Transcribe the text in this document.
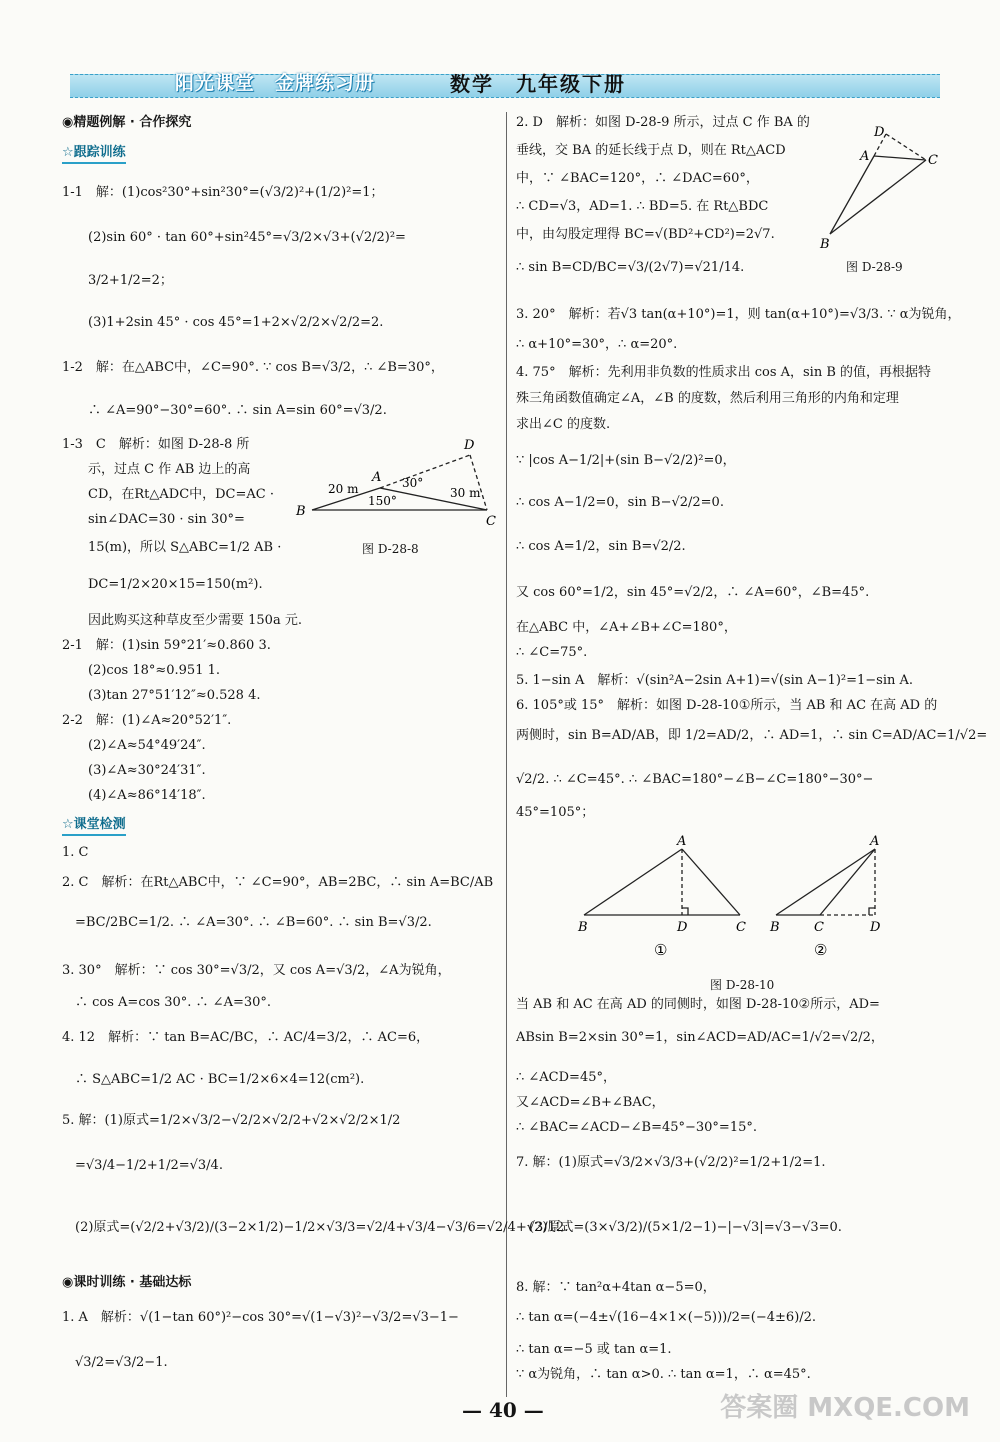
阳光课堂　金牌练习册	数学　九年级下册
◉精题例解 · 合作探究
☆跟踪训练
1-1　解：(1)cos²30°+sin²30°=(√3/2)²+(1/2)²=1；
　　(2)sin 60° · tan 60°+sin²45°=√3/2×√3+(√2/2)²=
　　3/2+1/2=2；
　　(3)1+2sin 45° · cos 45°=1+2×√2/2×√2/2=2.
1-2　解：在△ABC中，∠C=90°. ∵ cos B=√3/2，∴ ∠B=30°，
　　∴ ∠A=90°−30°=60°. ∴ sin A=sin 60°=√3/2.
1-3　C　解析：如图 D-28-8 所
　　示，过点 C 作 AB 边上的高
　　CD，在Rt△ADC中，DC=AC ·
　　sin∠DAC=30 · sin 30°=
　　15(m)，所以 S△ABC=1/2 AB ·
　　DC=1/2×20×15=150(m²).
　　因此购买这种草皮至少需要 150a 元.
2-1　解：(1)sin 59°21′≈0.860 3.
　　(2)cos 18°≈0.951 1.
　　(3)tan 27°51′12″≈0.528 4.
2-2　解：(1)∠A≈20°52′1″.
　　(2)∠A≈54°49′24″.
　　(3)∠A≈30°24′31″.
　　(4)∠A≈86°14′18″.
☆课堂检测
1. C
2. C　解析：在Rt△ABC中，∵ ∠C=90°，AB=2BC，∴ sin A=BC/AB
　=BC/2BC=1/2. ∴ ∠A=30°. ∴ ∠B=60°. ∴ sin B=√3/2.
3. 30°　解析：∵ cos 30°=√3/2，又 cos A=√3/2，∠A为锐角，
　∴ cos A=cos 30°. ∴ ∠A=30°.
4. 12　解析：∵ tan B=AC/BC，∴ AC/4=3/2，∴ AC=6，
　∴ S△ABC=1/2 AC · BC=1/2×6×4=12(cm²).
5. 解：(1)原式=1/2×√3/2−√2/2×√2/2+√2×√2/2×1/2
　=√3/4−1/2+1/2=√3/4.
　(2)原式=(√2/2+√3/2)/(3−2×1/2)−1/2×√3/3=√2/4+√3/4−√3/6=√2/4+√3/12.
◉课时训练 · 基础达标
1. A　解析：√(1−tan 60°)²−cos 30°=√(1−√3)²−√3/2=√3−1−
　√3/2=√3/2−1.
2. D　解析：如图 D-28-9 所示，过点 C 作 BA 的
垂线，交 BA 的延长线于点 D，则在 Rt△ACD
中，∵ ∠BAC=120°，∴ ∠DAC=60°，
∴ CD=√3，AD=1. ∴ BD=5. 在 Rt△BDC
中，由勾股定理得 BC=√(BD²+CD²)=2√7.
∴ sin B=CD/BC=√3/(2√7)=√21/14.
3. 20°　解析：若√3 tan(α+10°)=1，则 tan(α+10°)=√3/3. ∵ α为锐角，
∴ α+10°=30°，∴ α=20°.
4. 75°　解析：先利用非负数的性质求出 cos A，sin B 的值，再根据特
殊三角函数值确定∠A，∠B 的度数，然后利用三角形的内角和定理
求出∠C 的度数.
∵ |cos A−1/2|+(sin B−√2/2)²=0，
∴ cos A−1/2=0，sin B−√2/2=0.
∴ cos A=1/2，sin B=√2/2.
又 cos 60°=1/2，sin 45°=√2/2，∴ ∠A=60°，∠B=45°.
在△ABC 中，∠A+∠B+∠C=180°，
∴ ∠C=75°.
5. 1−sin A　解析：√(sin²A−2sin A+1)=√(sin A−1)²=1−sin A.
6. 105°或 15°　解析：如图 D-28-10①所示，当 AB 和 AC 在高 AD 的
两侧时，sin B=AD/AB，即 1/2=AD/2，∴ AD=1，∴ sin C=AD/AC=1/√2=
√2/2. ∴ ∠C=45°. ∴ ∠BAC=180°−∠B−∠C=180°−30°−
45°=105°；
当 AB 和 AC 在高 AD 的同侧时，如图 D-28-10②所示，AD=
ABsin B=2×sin 30°=1，sin∠ACD=AD/AC=1/√2=√2/2，
∴ ∠ACD=45°，
又∠ACD=∠B+∠BAC，
∴ ∠BAC=∠ACD−∠B=45°−30°=15°.
7. 解：(1)原式=√3/2×√3/3+(√2/2)²=1/2+1/2=1.
　(2)原式=(3×√3/2)/(5×1/2−1)−|−√3|=√3−√3=0.
8. 解：∵ tan²α+4tan α−5=0，
∴ tan α=(−4±√(16−4×1×(−5)))/2=(−4±6)/2.
∴ tan α=−5 或 tan α=1.
∵ α为锐角，∴ tan α>0. ∴ tan α=1，∴ α=45°.
D
A
B
C
20 m	30 m
150°
30°
图 D-28-8
D
A	C
B
图 D-28-9
A
B	D	C
①
A
B	C	D
②
图 D-28-10
— 40 —	答案圈 MXQE.COM
